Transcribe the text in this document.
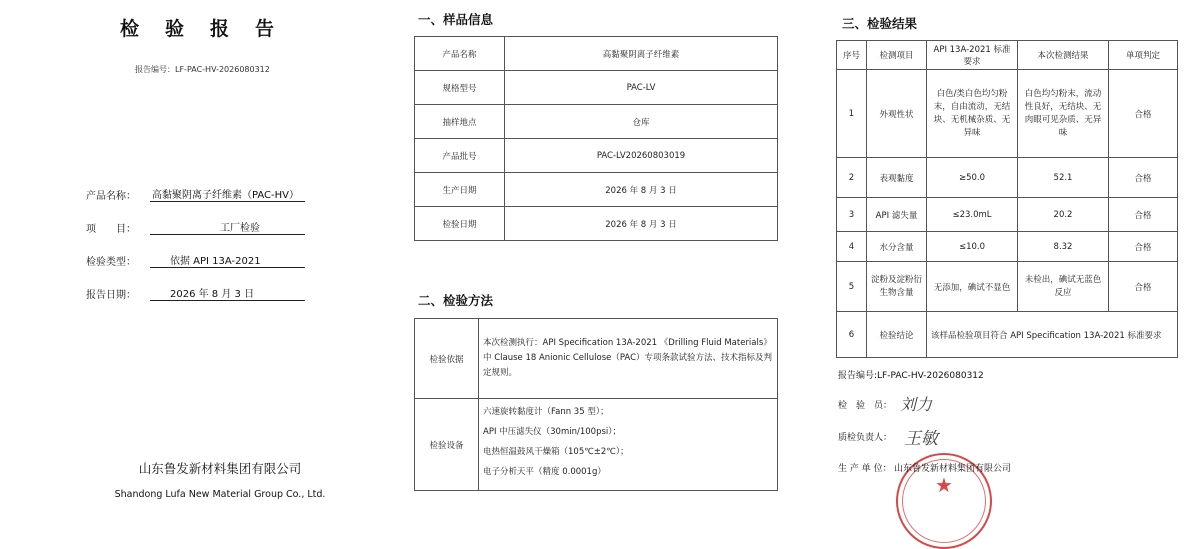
检验报告
报告编号：LF-PAC-HV-2026080312
产品名称：	高黏聚阴离子纤维素（PAC-HV）
项　　目：	工厂检验
检验类型：	依据 API 13A-2021
报告日期：	2026 年 8 月 3 日
山东鲁发新材料集团有限公司
Shandong Lufa New Material Group Co., Ltd.
一、样品信息
产品名称	高黏聚阴离子纤维素
规格型号	PAC-LV
抽样地点	仓库
产品批号	PAC-LV20260803019
生产日期	2026 年 8 月 3 日
检验日期	2026 年 8 月 3 日
二、检验方法
检验依据	本次检测执行：API Specification 13A-2021 《Drilling Fluid Materials》 中 Clause 18 Anionic Cellulose（PAC）专项条款试验方法、技术指标及判定规则。
检验设备	六速旋转黏度计（Fann 35 型）；
API 中压滤失仪（30min/100psi）；
电热恒温鼓风干燥箱（105℃±2℃）；
电子分析天平（精度 0.0001g）
三、检验结果
序号	检测项目	API 13A-2021 标准要求	本次检测结果	单项判定
1	外观性状	白色/类白色均匀粉末，自由流动，无结块、无机械杂质、无异味	白色均匀粉末，流动性良好，无结块、无肉眼可见杂质、无异味	合格
2	表观黏度	≥50.0	52.1	合格
3	API 滤失量	≤23.0mL	20.2	合格
4	水分含量	≤10.0	8.32	合格
5	淀粉及淀粉衍生物含量	无添加，碘试不显色	未检出，碘试无蓝色反应	合格
6	检验结论	该样品检验项目符合 API Specification 13A-2021 标准要求		
报告编号:LF-PAC-HV-2026080312
检　验　员： 刘力
质检负责人： 王敏
★
生 产 单 位： 山东鲁发新材料集团有限公司
